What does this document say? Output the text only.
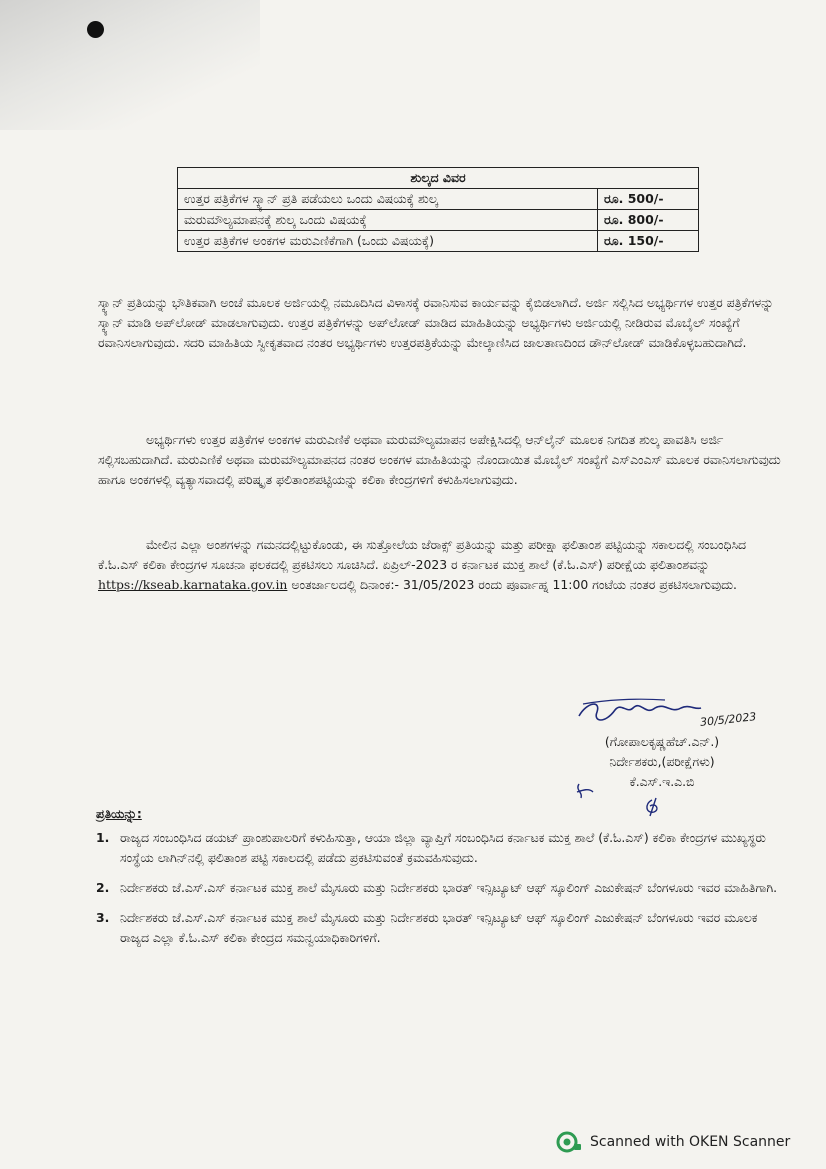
ಶುಲ್ಕದ ವಿವರ	
ಉತ್ತರ ಪತ್ರಿಕೆಗಳ ಸ್ಕ್ಯಾನ್ ಪ್ರತಿ ಪಡೆಯಲು ಒಂದು ವಿಷಯಕ್ಕೆ ಶುಲ್ಕ	ರೂ. 500/-
ಮರುಮೌಲ್ಯಮಾಪನಕ್ಕೆ ಶುಲ್ಕ ಒಂದು ವಿಷಯಕ್ಕೆ	ರೂ. 800/-
ಉತ್ತರ ಪತ್ರಿಕೆಗಳ ಅಂಕಗಳ ಮರುಎಣಿಕೆಗಾಗಿ (ಒಂದು ವಿಷಯಕ್ಕೆ)	ರೂ. 150/-

ಸ್ಕ್ಯಾನ್ ಪ್ರತಿಯನ್ನು ಭೌತಿಕವಾಗಿ ಅಂಚೆ ಮೂಲಕ ಅರ್ಜಿಯಲ್ಲಿ ನಮೂದಿಸಿದ ವಿಳಾಸಕ್ಕೆ ರವಾನಿಸುವ ಕಾರ್ಯವನ್ನು ಕೈಬಿಡಲಾಗಿದೆ. ಅರ್ಜಿ ಸಲ್ಲಿಸಿದ ಅಭ್ಯರ್ಥಿಗಳ ಉತ್ತರ ಪತ್ರಿಕೆಗಳನ್ನು ಸ್ಕ್ಯಾನ್ ಮಾಡಿ ಅಪ್‌ಲೋಡ್ ಮಾಡಲಾಗುವುದು. ಉತ್ತರ ಪತ್ರಿಕೆಗಳನ್ನು ಅಪ್‌ಲೋಡ್ ಮಾಡಿದ ಮಾಹಿತಿಯನ್ನು ಅಭ್ಯರ್ಥಿಗಳು ಅರ್ಜಿಯಲ್ಲಿ ನೀಡಿರುವ ಮೊಬೈಲ್ ಸಂಖ್ಯೆಗೆ ರವಾನಿಸಲಾಗುವುದು. ಸದರಿ ಮಾಹಿತಿಯ ಸ್ವೀಕೃತವಾದ ನಂತರ ಅಭ್ಯರ್ಥಿಗಳು ಉತ್ತರಪತ್ರಿಕೆಯನ್ನು ಮೇಲ್ಕಾಣಿಸಿದ ಜಾಲತಾಣದಿಂದ ಡೌನ್‌ಲೋಡ್ ಮಾಡಿಕೊಳ್ಳಬಹುದಾಗಿದೆ.

ಅಭ್ಯರ್ಥಿಗಳು ಉತ್ತರ ಪತ್ರಿಕೆಗಳ ಅಂಕಗಳ ಮರುಎಣಿಕೆ ಅಥವಾ ಮರುಮೌಲ್ಯಮಾಪನ ಅಪೇಕ್ಷಿಸಿದಲ್ಲಿ ಆನ್‌ಲೈನ್ ಮೂಲಕ ನಿಗದಿತ ಶುಲ್ಕ ಪಾವತಿಸಿ ಅರ್ಜಿ ಸಲ್ಲಿಸಬಹುದಾಗಿದೆ. ಮರುಎಣಿಕೆ ಅಥವಾ ಮರುಮೌಲ್ಯಮಾಪನದ ನಂತರ ಅಂಕಗಳ ಮಾಹಿತಿಯನ್ನು ನೊಂದಾಯಿತ ಮೊಬೈಲ್ ಸಂಖ್ಯೆಗೆ ಎಸ್‌ಎಂಎಸ್ ಮೂಲಕ ರವಾನಿಸಲಾಗುವುದು ಹಾಗೂ ಅಂಕಗಳಲ್ಲಿ ವ್ಯತ್ಯಾಸವಾದಲ್ಲಿ ಪರಿಷ್ಕೃತ ಫಲಿತಾಂಶಪಟ್ಟಿಯನ್ನು ಕಲಿಕಾ ಕೇಂದ್ರಗಳಿಗೆ ಕಳುಹಿಸಲಾಗುವುದು.

ಮೇಲಿನ ಎಲ್ಲಾ ಅಂಶಗಳನ್ನು ಗಮನದಲ್ಲಿಟ್ಟುಕೊಂಡು, ಈ ಸುತ್ತೋಲೆಯ ಜೆರಾಕ್ಸ್ ಪ್ರತಿಯನ್ನು ಮತ್ತು ಪರೀಕ್ಷಾ ಫಲಿತಾಂಶ ಪಟ್ಟಿಯನ್ನು ಸಕಾಲದಲ್ಲಿ ಸಂಬಂಧಿಸಿದ ಕೆ.ಓ.ಎಸ್ ಕಲಿಕಾ ಕೇಂದ್ರಗಳ ಸೂಚನಾ ಫಲಕದಲ್ಲಿ ಪ್ರಕಟಿಸಲು ಸೂಚಿಸಿದೆ. ಏಪ್ರಿಲ್-2023 ರ ಕರ್ನಾಟಕ ಮುಕ್ತ ಶಾಲೆ (ಕೆ.ಓ.ಎಸ್) ಪರೀಕ್ಷೆಯ ಫಲಿತಾಂಶವನ್ನು https://kseab.karnataka.gov.in ಅಂತರ್ಜಾಲದಲ್ಲಿ ದಿನಾಂಕ:- 31/05/2023 ರಂದು ಪೂರ್ವಾಹ್ನ 11:00 ಗಂಟೆಯ ನಂತರ ಪ್ರಕಟಿಸಲಾಗುವುದು.

30/5/2023
(ಗೋಪಾಲಕೃಷ್ಣಹೆಚ್.ಎನ್.)
ನಿರ್ದೇಶಕರು,(ಪರೀಕ್ಷೆಗಳು)
ಕೆ.ಎಸ್.ಇ.ಎ.ಬಿ
ಪ್ರತಿಯನ್ನು:
1. ರಾಜ್ಯದ ಸಂಬಂಧಿಸಿದ ಡಯಟ್ ಪ್ರಾಂಶುಪಾಲರಿಗೆ ಕಳುಹಿಸುತ್ತಾ, ಆಯಾ ಜಿಲ್ಲಾ ವ್ಯಾಪ್ತಿಗೆ ಸಂಬಂಧಿಸಿದ ಕರ್ನಾಟಕ ಮುಕ್ತ ಶಾಲೆ (ಕೆ.ಓ.ಎಸ್) ಕಲಿಕಾ ಕೇಂದ್ರಗಳ ಮುಖ್ಯಸ್ಥರು ಸಂಸ್ಥೆಯ ಲಾಗಿನ್‌ನಲ್ಲಿ ಫಲಿತಾಂಶ ಪಟ್ಟಿ ಸಕಾಲದಲ್ಲಿ ಪಡೆದು ಪ್ರಕಟಿಸುವಂತೆ ಕ್ರಮವಹಿಸುವುದು.
2. ನಿರ್ದೇಶಕರು ಜೆ.ಎಸ್.ಎಸ್ ಕರ್ನಾಟಕ ಮುಕ್ತ ಶಾಲೆ ಮೈಸೂರು ಮತ್ತು ನಿರ್ದೇಶಕರು ಭಾರತ್ ಇನ್ಸಿಟ್ಯೂಟ್ ಆಫ್ ಸ್ಕೂಲಿಂಗ್ ಎಜುಕೇಷನ್ ಬೆಂಗಳೂರು ಇವರ ಮಾಹಿತಿಗಾಗಿ.
3. ನಿರ್ದೇಶಕರು ಜೆ.ಎಸ್.ಎಸ್ ಕರ್ನಾಟಕ ಮುಕ್ತ ಶಾಲೆ ಮೈಸೂರು ಮತ್ತು ನಿರ್ದೇಶಕರು ಭಾರತ್ ಇನ್ಸಿಟ್ಯೂಟ್ ಆಫ್ ಸ್ಕೂಲಿಂಗ್ ಎಜುಕೇಷನ್ ಬೆಂಗಳೂರು ಇವರ ಮೂಲಕ ರಾಜ್ಯದ ಎಲ್ಲಾ ಕೆ.ಓ.ಎಸ್ ಕಲಿಕಾ ಕೇಂದ್ರದ ಸಮನ್ವಯಾಧಿಕಾರಿಗಳಿಗೆ.
Scanned with OKEN Scanner
